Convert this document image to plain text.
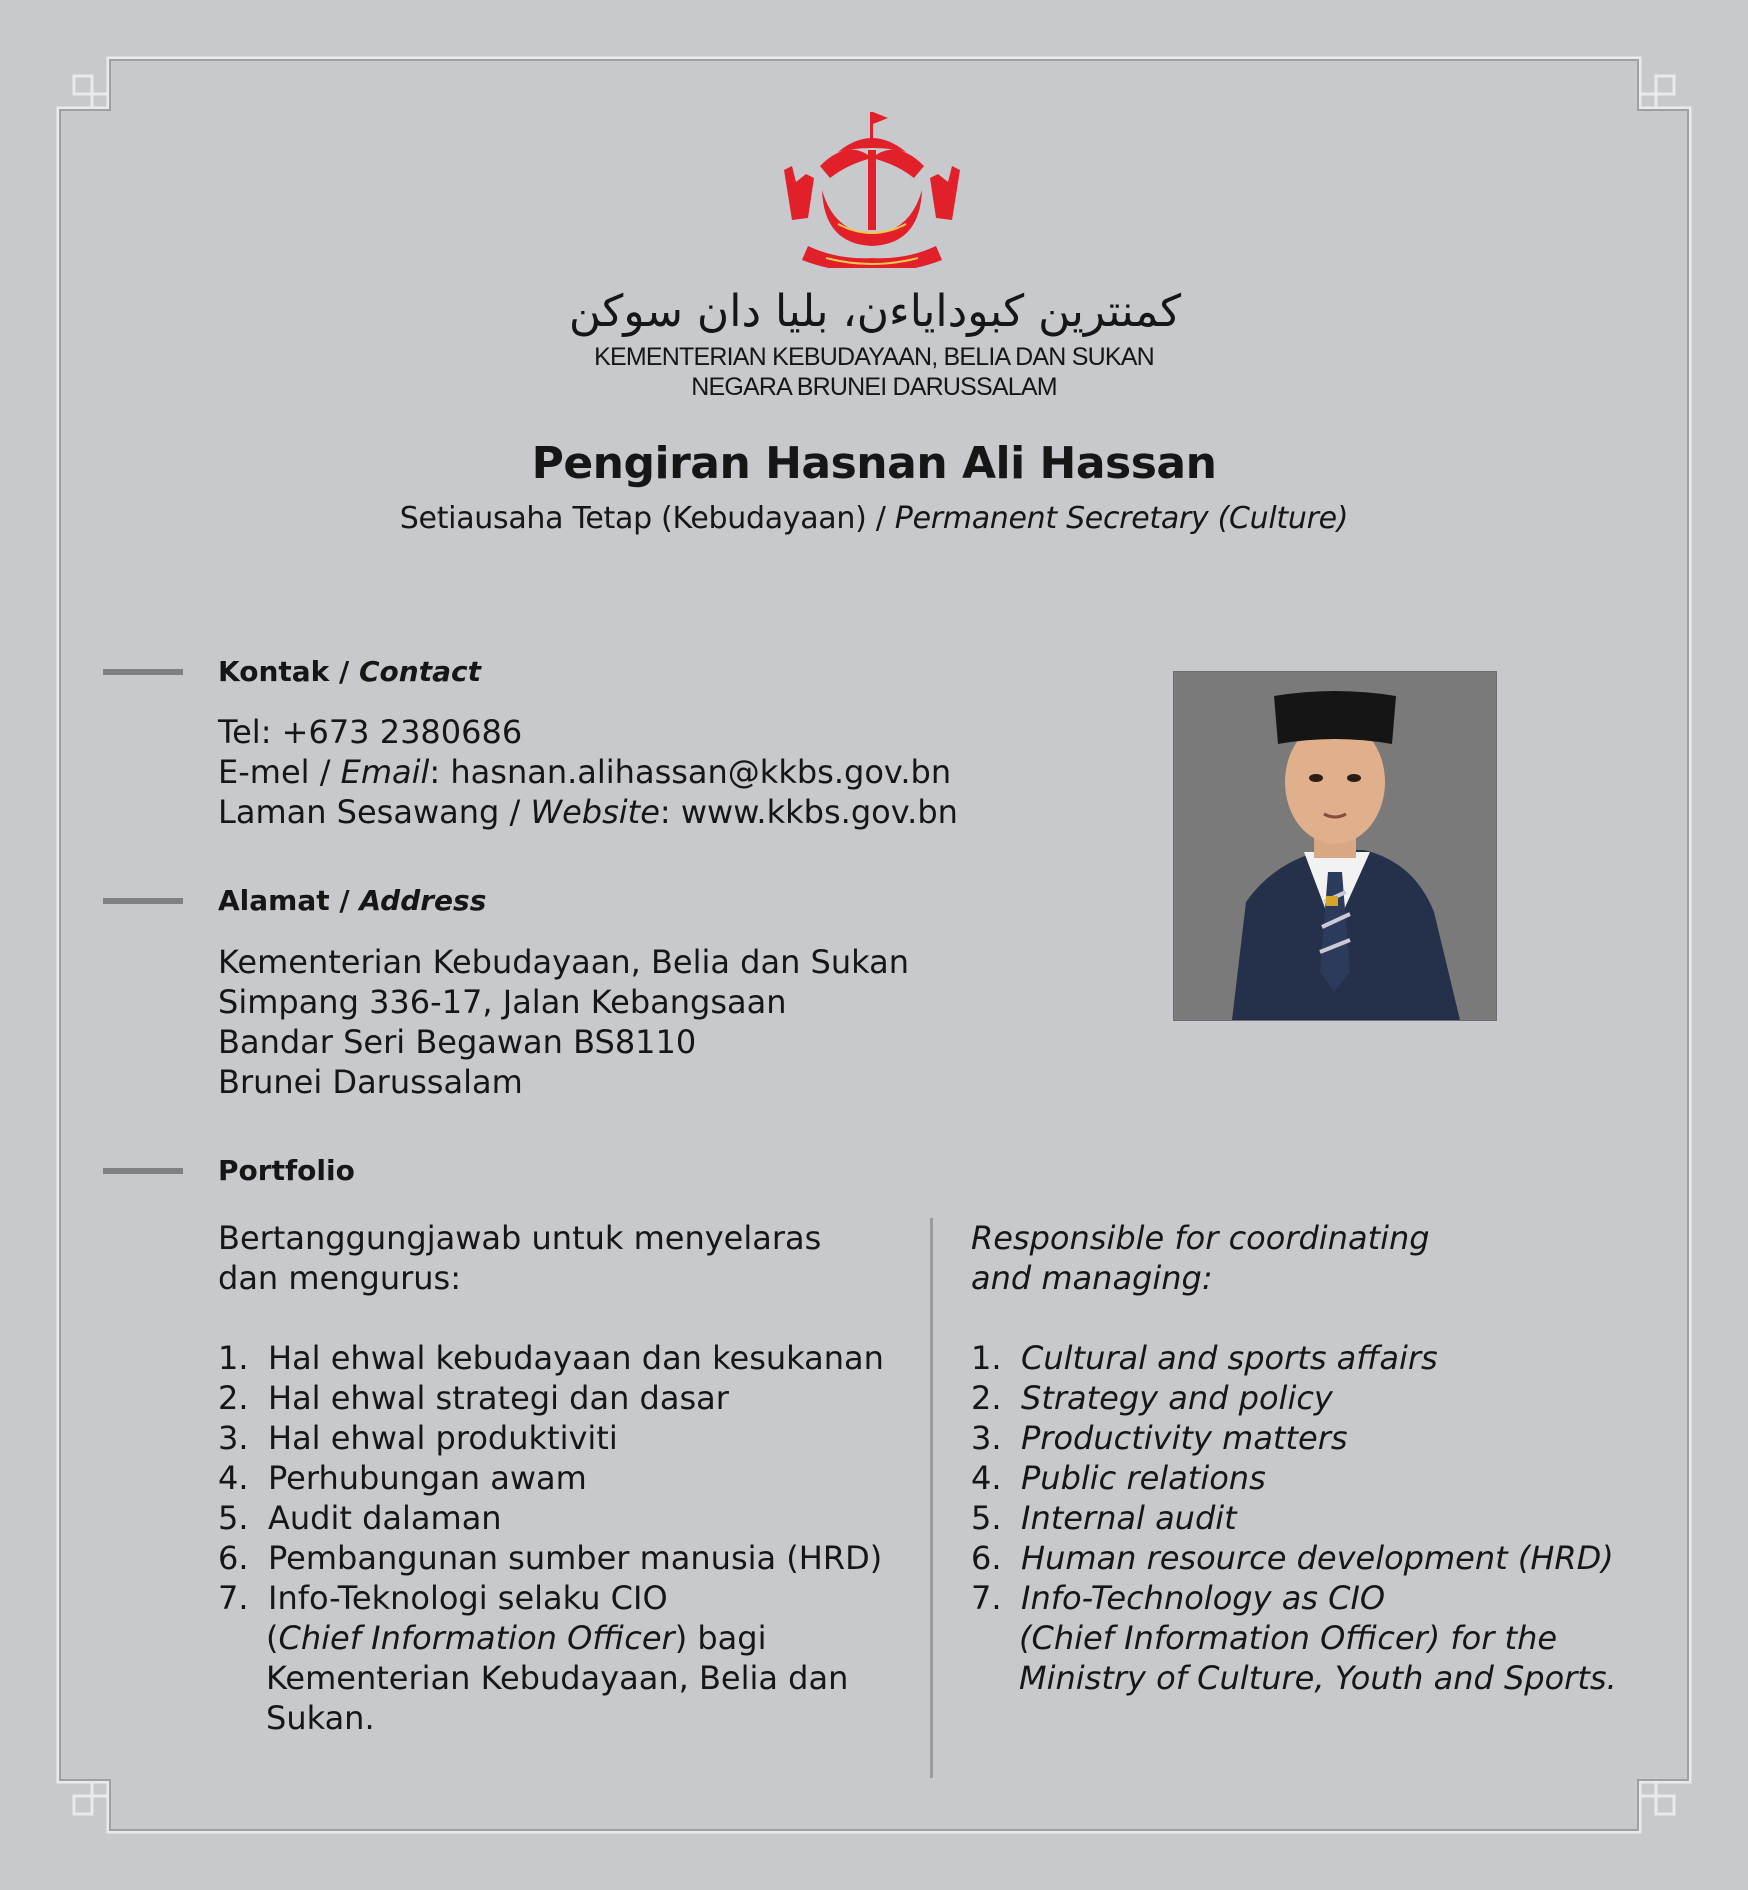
كمنترين كبوداياءن، بليا دان سوكن
KEMENTERIAN KEBUDAYAAN, BELIA DAN SUKAN
NEGARA BRUNEI DARUSSALAM
Pengiran Hasnan Ali Hassan
Setiausaha Tetap (Kebudayaan) / Permanent Secretary (Culture)
Kontak / Contact
Tel: +673 2380686
E-mel / Email: hasnan.alihassan@kkbs.gov.bn
Laman Sesawang / Website: www.kkbs.gov.bn
Alamat / Address
Kementerian Kebudayaan, Belia dan Sukan
Simpang 336-17, Jalan Kebangsaan
Bandar Seri Begawan BS8110
Brunei Darussalam
Portfolio
Bertanggungjawab untuk menyelaras
dan mengurus:
1. Hal ehwal kebudayaan dan kesukanan
2. Hal ehwal strategi dan dasar
3. Hal ehwal produktiviti
4. Perhubungan awam
5. Audit dalaman
6. Pembangunan sumber manusia (HRD)
7. Info-Teknologi selaku CIO
(Chief Information Officer) bagi
Kementerian Kebudayaan, Belia dan
Sukan.
Responsible for coordinating
and managing:
1. Cultural and sports affairs
2. Strategy and policy
3. Productivity matters
4. Public relations
5. Internal audit
6. Human resource development (HRD)
7. Info-Technology as CIO
(Chief Information Officer) for the
Ministry of Culture, Youth and Sports.
